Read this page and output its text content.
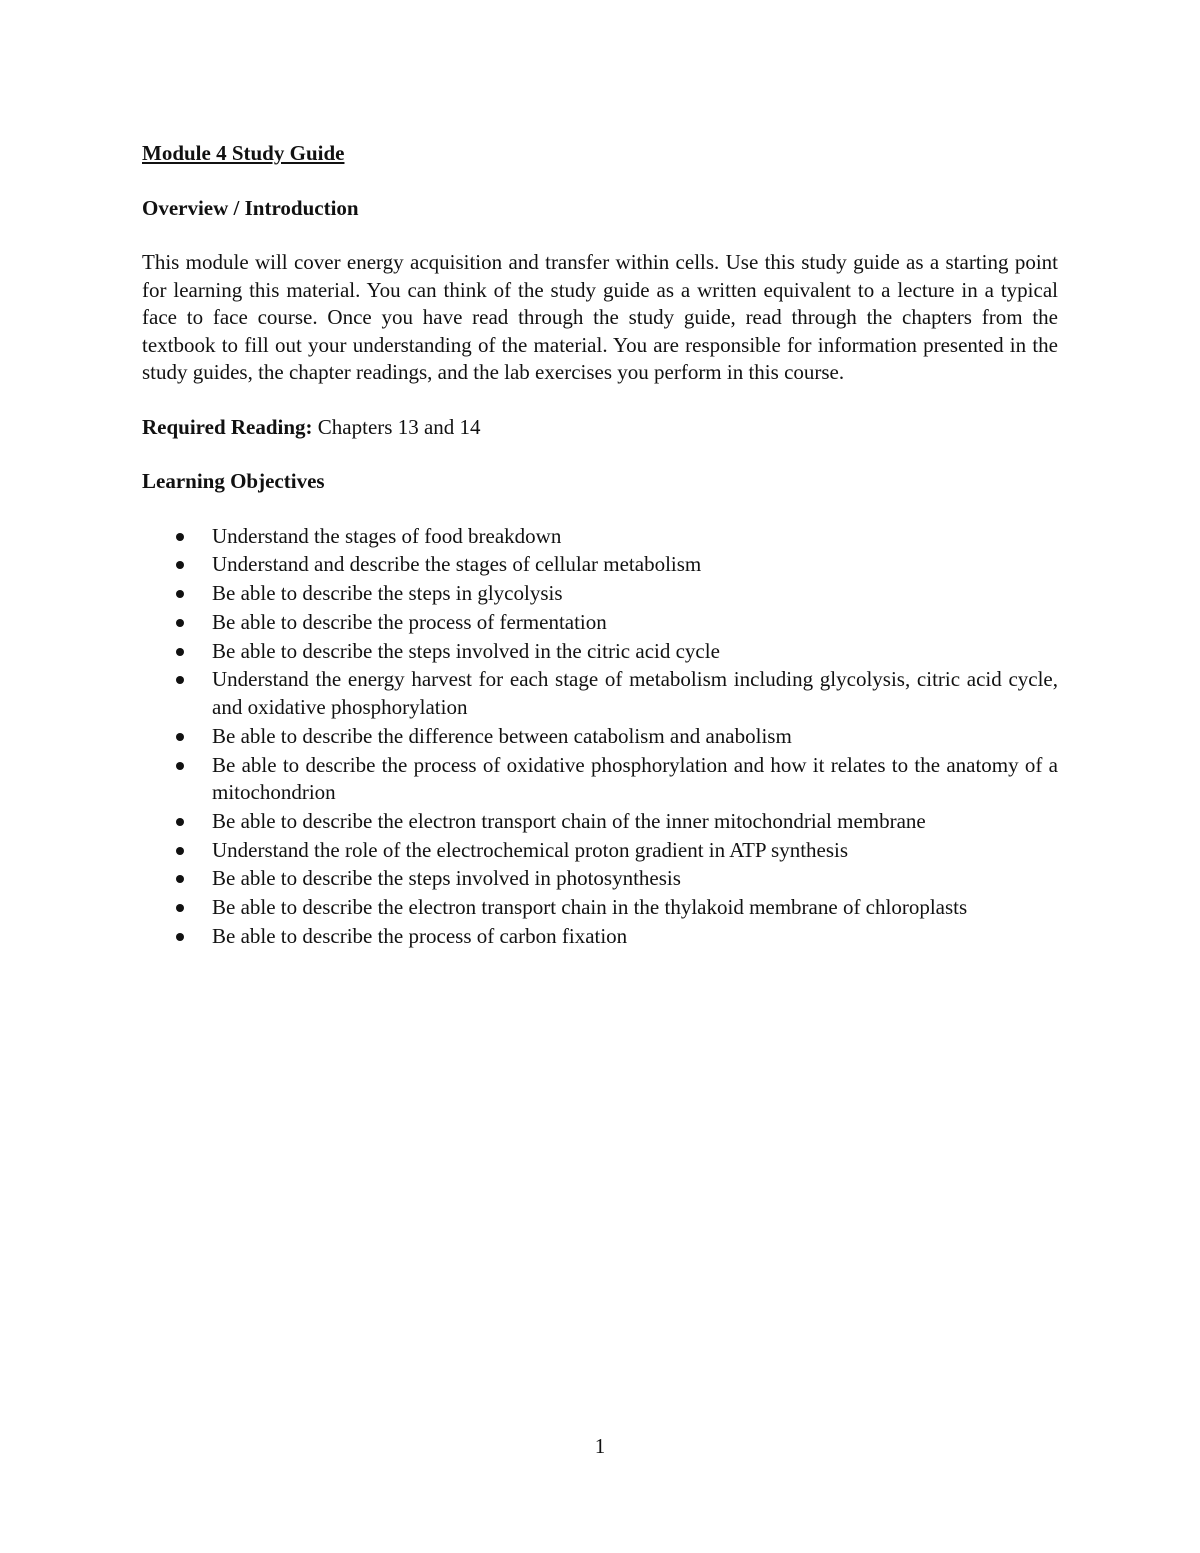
Module 4 Study Guide

Overview / Introduction

This module will cover energy acquisition and transfer within cells. Use this study guide as a starting point for learning this material. You can think of the study guide as a written equivalent to a lecture in a typical face to face course. Once you have read through the study guide, read through the chapters from the textbook to fill out your understanding of the material. You are responsible for information presented in the study guides, the chapter readings, and the lab exercises you perform in this course.

Required Reading: Chapters 13 and 14

Learning Objectives

Understand the stages of food breakdown
Understand and describe the stages of cellular metabolism
Be able to describe the steps in glycolysis
Be able to describe the process of fermentation
Be able to describe the steps involved in the citric acid cycle
Understand the energy harvest for each stage of metabolism including glycolysis, citric acid cycle, and oxidative phosphorylation
Be able to describe the difference between catabolism and anabolism
Be able to describe the process of oxidative phosphorylation and how it relates to the anatomy of a mitochondrion
Be able to describe the electron transport chain of the inner mitochondrial membrane
Understand the role of the electrochemical proton gradient in ATP synthesis
Be able to describe the steps involved in photosynthesis
Be able to describe the electron transport chain in the thylakoid membrane of chloroplasts
Be able to describe the process of carbon fixation
1
